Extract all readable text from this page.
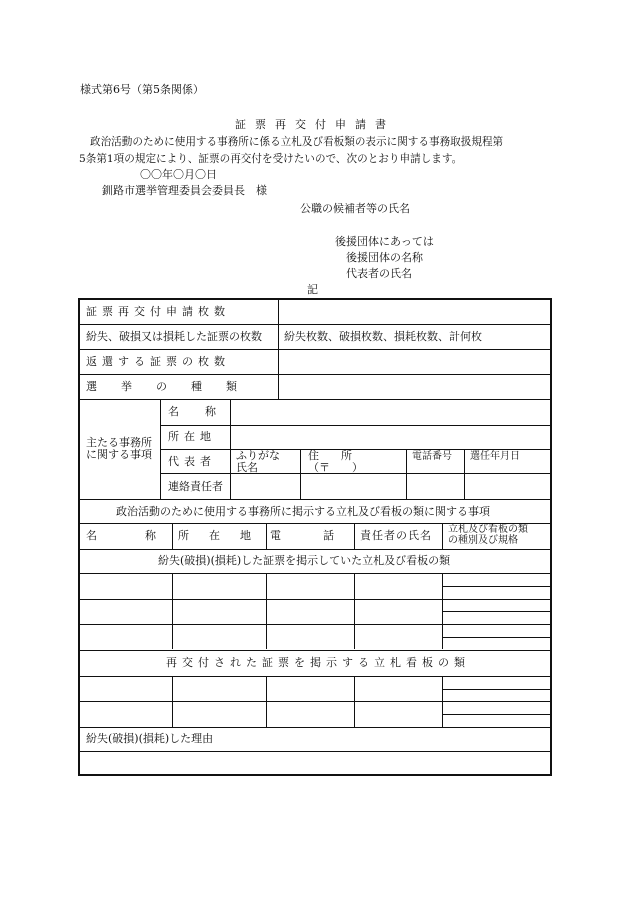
様式第6号（第5条関係）
証票再交付申請書
政治活動のために使用する事務所に係る立札及び看板類の表示に関する事務取扱規程第
5条第1項の規定により、証票の再交付を受けたいので、次のとおり申請します。
〇〇年〇月〇日
釧路市選挙管理委員会委員長　様
公職の候補者等の氏名
後援団体にあっては
後援団体の名称
代表者の氏名
記
証票再交付申請枚数
紛失、破損又は損耗した証票の枚数 紛失枚数、破損枚数、損耗枚数、計何枚
返還する証票の枚数
選挙の種類
主たる事務所
に関する事項
名称
所在地
代表者 ふりがな
氏名
住　　所
（〒　　）
電話番号 選任年月日
連絡責任者
政治活動のために使用する事務所に掲示する立札及び看板の類に関する事項
名称
所在地 電話
責任者の氏名 立札及び看板の類
の種別及び規格
紛失(破損)(損耗)した証票を掲示していた立札及び看板の類
再交付された証票を掲示する立札看板の類
紛失(破損)(損耗)した理由
